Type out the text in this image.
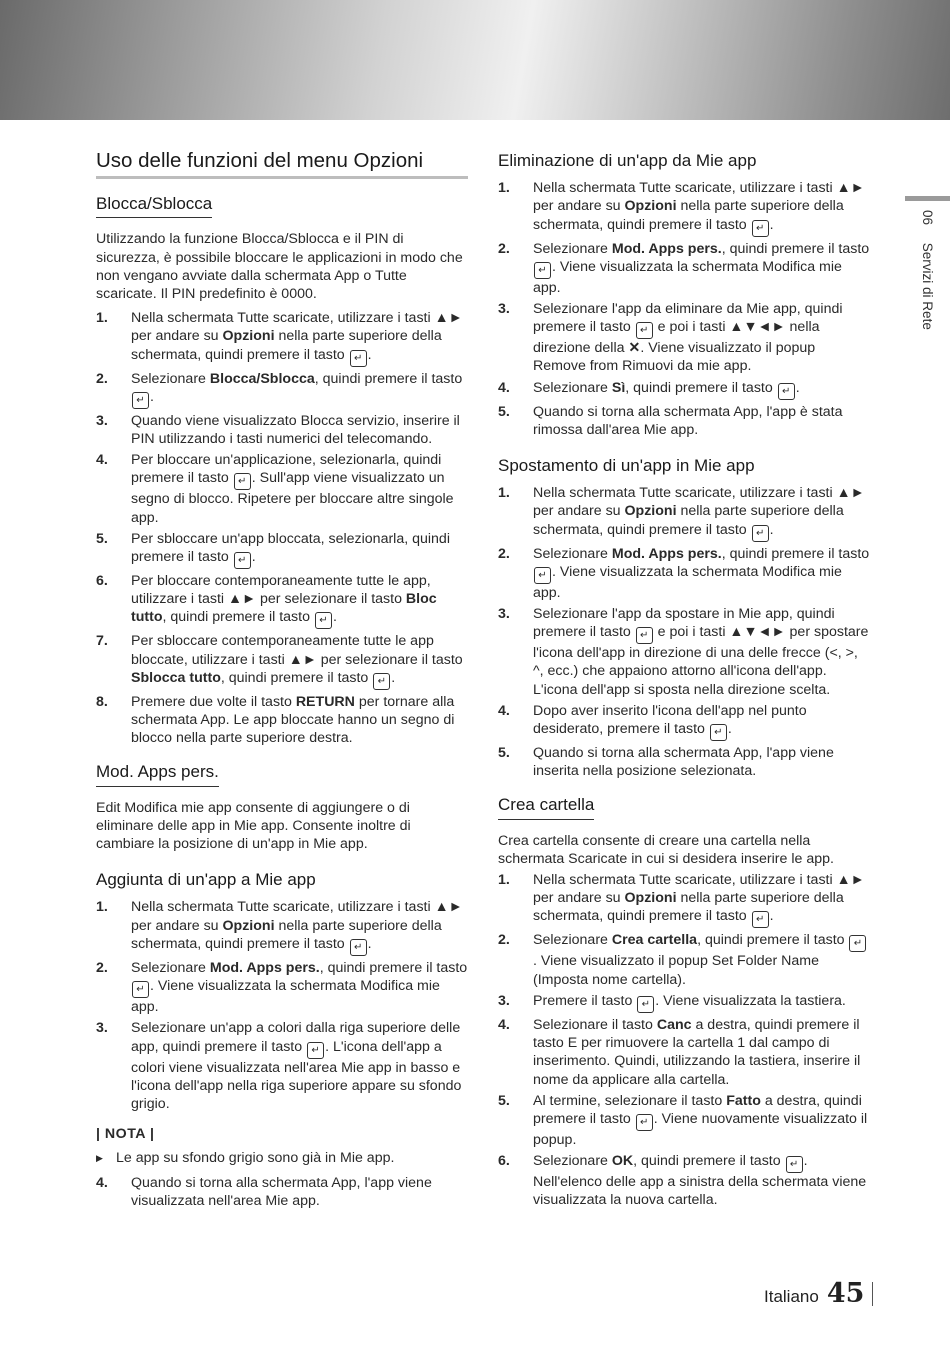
06 Servizi di Rete
Uso delle funzioni del menu Opzioni
Blocca/Sblocca

Utilizzando la funzione Blocca/Sblocca e il PIN di sicurezza, è possibile bloccare le applicazioni in modo che non vengano avviate dalla schermata App o Tutte scaricate. Il PIN predefinito è 0000.

1.	Nella schermata Tutte scaricate, utilizzare i tasti ▲► per andare su Opzioni nella parte superiore della schermata, quindi premere il tasto ↵ .
2.	Selezionare Blocca/Sblocca, quindi premere il tasto ↵ .
3.	Quando viene visualizzato Blocca servizio, inserire il PIN utilizzando i tasti numerici del telecomando.
4.	Per bloccare un'applicazione, selezionarla, quindi premere il tasto ↵ . Sull'app viene visualizzato un segno di blocco. Ripetere per bloccare altre singole app.
5.	Per sbloccare un'app bloccata, selezionarla, quindi premere il tasto ↵ .
6.	Per bloccare contemporaneamente tutte le app, utilizzare i tasti ▲► per selezionare il tasto Bloc tutto, quindi premere il tasto ↵ .
7.	Per sbloccare contemporaneamente tutte le app bloccate, utilizzare i tasti ▲► per selezionare il tasto Sblocca tutto, quindi premere il tasto ↵ .
8.	Premere due volte il tasto RETURN per tornare alla schermata App. Le app bloccate hanno un segno di blocco nella parte superiore destra.
Mod. Apps pers.

Edit Modifica mie app consente di aggiungere o di eliminare delle app in Mie app. Consente inoltre di cambiare la posizione di un'app in Mie app.

Aggiunta di un'app a Mie app
1.	Nella schermata Tutte scaricate, utilizzare i tasti ▲► per andare su Opzioni nella parte superiore della schermata, quindi premere il tasto ↵ .
2.	Selezionare Mod. Apps pers., quindi premere il tasto ↵ . Viene visualizzata la schermata Modifica mie app.
3.	Selezionare un'app a colori dalla riga superiore delle app, quindi premere il tasto ↵ . L'icona dell'app a colori viene visualizzata nell'area Mie app in basso e l'icona dell'app nella riga superiore appare su sfondo grigio.
| NOTA |
▶ Le app su sfondo grigio sono già in Mie app.
4.	Quando si torna alla schermata App, l'app viene visualizzata nell'area Mie app.
Eliminazione di un'app da Mie app
1.	Nella schermata Tutte scaricate, utilizzare i tasti ▲► per andare su Opzioni nella parte superiore della schermata, quindi premere il tasto ↵ .
2.	Selezionare Mod. Apps pers., quindi premere il tasto ↵ . Viene visualizzata la schermata Modifica mie app.
3.	Selezionare l'app da eliminare da Mie app, quindi premere il tasto ↵ e poi i tasti ▲▼◄► nella direzione della ✕. Viene visualizzato il popup Remove from Rimuovi da mie app.
4.	Selezionare Sì, quindi premere il tasto ↵ .
5.	Quando si torna alla schermata App, l'app è stata rimossa dall'area Mie app.
Spostamento di un'app in Mie app
1.	Nella schermata Tutte scaricate, utilizzare i tasti ▲► per andare su Opzioni nella parte superiore della schermata, quindi premere il tasto ↵ .
2.	Selezionare Mod. Apps pers., quindi premere il tasto ↵ . Viene visualizzata la schermata Modifica mie app.
3.	Selezionare l'app da spostare in Mie app, quindi premere il tasto ↵ e poi i tasti ▲▼◄► per spostare l'icona dell'app in direzione di una delle frecce (<, >, ^, ecc.) che appaiono attorno all'icona dell'app. L'icona dell'app si sposta nella direzione scelta.
4.	Dopo aver inserito l'icona dell'app nel punto desiderato, premere il tasto ↵ .
5.	Quando si torna alla schermata App, l'app viene inserita nella posizione selezionata.
Crea cartella

Crea cartella consente di creare una cartella nella schermata Scaricate in cui si desidera inserire le app.

1.	Nella schermata Tutte scaricate, utilizzare i tasti ▲► per andare su Opzioni nella parte superiore della schermata, quindi premere il tasto ↵ .
2.	Selezionare Crea cartella, quindi premere il tasto ↵. Viene visualizzato il popup Set Folder Name (Imposta nome cartella).
3.	Premere il tasto ↵ . Viene visualizzata la tastiera.
4.	Selezionare il tasto Canc a destra, quindi premere il tasto E per rimuovere la cartella 1 dal campo di inserimento. Quindi, utilizzando la tastiera, inserire il nome da applicare alla cartella.
5.	Al termine, selezionare il tasto Fatto a destra, quindi premere il tasto ↵ . Viene nuovamente visualizzato il popup.
6.	Selezionare OK, quindi premere il tasto ↵ . Nell'elenco delle app a sinistra della schermata viene visualizzata la nuova cartella.
Italiano 45
